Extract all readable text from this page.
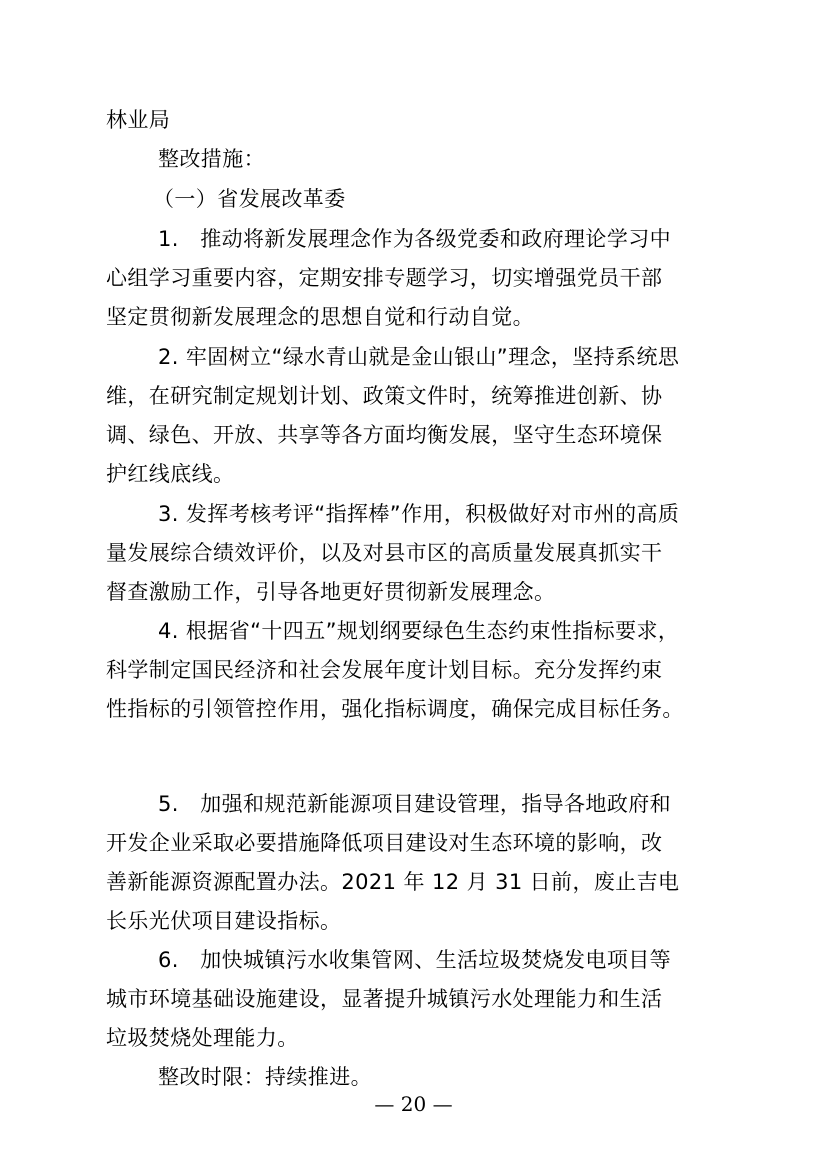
林业局
整改措施：
（一）省发展改革委
1.　推动将新发展理念作为各级党委和政府理论学习中
心组学习重要内容，定期安排专题学习，切实增强党员干部
坚定贯彻新发展理念的思想自觉和行动自觉。
2. 牢固树立“绿水青山就是金山银山”理念，坚持系统思
维，在研究制定规划计划、政策文件时，统筹推进创新、协
调、绿色、开放、共享等各方面均衡发展，坚守生态环境保
护红线底线。
3. 发挥考核考评“指挥棒”作用，积极做好对市州的高质
量发展综合绩效评价，以及对县市区的高质量发展真抓实干
督查激励工作，引导各地更好贯彻新发展理念。
4. 根据省“十四五”规划纲要绿色生态约束性指标要求，
科学制定国民经济和社会发展年度计划目标。充分发挥约束
性指标的引领管控作用，强化指标调度，确保完成目标任务。
5.　加强和规范新能源项目建设管理，指导各地政府和
开发企业采取必要措施降低项目建设对生态环境的影响，改
善新能源资源配置办法。2021 年 12 月 31 日前，废止吉电
长乐光伏项目建设指标。
6.　加快城镇污水收集管网、生活垃圾焚烧发电项目等
城市环境基础设施建设，显著提升城镇污水处理能力和生活
垃圾焚烧处理能力。
整改时限：持续推进。
— 20 —
